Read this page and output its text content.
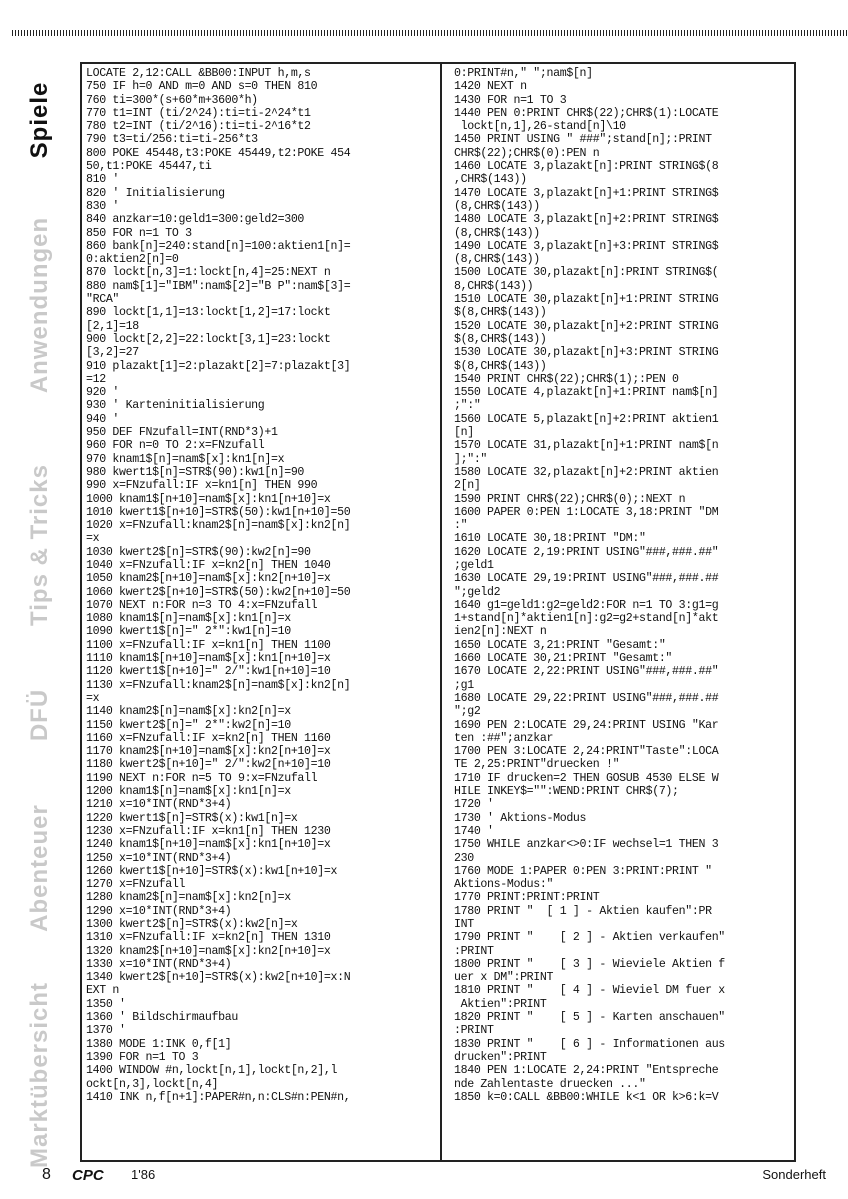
Spiele
Anwendungen
Tips & Tricks
DFÜ
Abenteuer
Marktübersicht
LOCATE 2,12:CALL &BB00:INPUT h,m,s
750 IF h=0 AND m=0 AND s=0 THEN 810
760 ti=300*(s+60*m+3600*h)
770 t1=INT (ti/2^24):ti=ti-2^24*t1
780 t2=INT (ti/2^16):ti=ti-2^16*t2
790 t3=ti/256:ti=ti-256*t3
800 POKE 45448,t3:POKE 45449,t2:POKE 454
50,t1:POKE 45447,ti
810 '
820 ' Initialisierung
830 '
840 anzkar=10:geld1=300:geld2=300
850 FOR n=1 TO 3
860 bank[n]=240:stand[n]=100:aktien1[n]=
0:aktien2[n]=0
870 lockt[n,3]=1:lockt[n,4]=25:NEXT n
880 nam$[1]="IBM":nam$[2]="B P":nam$[3]=
"RCA"
890 lockt[1,1]=13:lockt[1,2]=17:lockt
[2,1]=18
900 lockt[2,2]=22:lockt[3,1]=23:lockt
[3,2]=27
910 plazakt[1]=2:plazakt[2]=7:plazakt[3]
=12
920 '
930 ' Karteninitialisierung
940 '
950 DEF FNzufall=INT(RND*3)+1
960 FOR n=0 TO 2:x=FNzufall
970 knam1$[n]=nam$[x]:kn1[n]=x
980 kwert1$[n]=STR$(90):kw1[n]=90
990 x=FNzufall:IF x=kn1[n] THEN 990
1000 knam1$[n+10]=nam$[x]:kn1[n+10]=x
1010 kwert1$[n+10]=STR$(50):kw1[n+10]=50
1020 x=FNzufall:knam2$[n]=nam$[x]:kn2[n]
=x
1030 kwert2$[n]=STR$(90):kw2[n]=90
1040 x=FNzufall:IF x=kn2[n] THEN 1040
1050 knam2$[n+10]=nam$[x]:kn2[n+10]=x
1060 kwert2$[n+10]=STR$(50):kw2[n+10]=50
1070 NEXT n:FOR n=3 TO 4:x=FNzufall
1080 knam1$[n]=nam$[x]:kn1[n]=x
1090 kwert1$[n]=" 2*":kw1[n]=10
1100 x=FNzufall:IF x=kn1[n] THEN 1100
1110 knam1$[n+10]=nam$[x]:kn1[n+10]=x
1120 kwert1$[n+10]=" 2/":kw1[n+10]=10
1130 x=FNzufall:knam2$[n]=nam$[x]:kn2[n]
=x
1140 knam2$[n]=nam$[x]:kn2[n]=x
1150 kwert2$[n]=" 2*":kw2[n]=10
1160 x=FNzufall:IF x=kn2[n] THEN 1160
1170 knam2$[n+10]=nam$[x]:kn2[n+10]=x
1180 kwert2$[n+10]=" 2/":kw2[n+10]=10
1190 NEXT n:FOR n=5 TO 9:x=FNzufall
1200 knam1$[n]=nam$[x]:kn1[n]=x
1210 x=10*INT(RND*3+4)
1220 kwert1$[n]=STR$(x):kw1[n]=x
1230 x=FNzufall:IF x=kn1[n] THEN 1230
1240 knam1$[n+10]=nam$[x]:kn1[n+10]=x
1250 x=10*INT(RND*3+4)
1260 kwert1$[n+10]=STR$(x):kw1[n+10]=x
1270 x=FNzufall
1280 knam2$[n]=nam$[x]:kn2[n]=x
1290 x=10*INT(RND*3+4)
1300 kwert2$[n]=STR$(x):kw2[n]=x
1310 x=FNzufall:IF x=kn2[n] THEN 1310
1320 knam2$[n+10]=nam$[x]:kn2[n+10]=x
1330 x=10*INT(RND*3+4)
1340 kwert2$[n+10]=STR$(x):kw2[n+10]=x:N
EXT n
1350 '
1360 ' Bildschirmaufbau
1370 '
1380 MODE 1:INK 0,f[1]
1390 FOR n=1 TO 3
1400 WINDOW #n,lockt[n,1],lockt[n,2],l
ockt[n,3],lockt[n,4]
1410 INK n,f[n+1]:PAPER#n,n:CLS#n:PEN#n,
0:PRINT#n," ";nam$[n]
1420 NEXT n
1430 FOR n=1 TO 3
1440 PEN 0:PRINT CHR$(22);CHR$(1):LOCATE
lockt[n,1],26-stand[n]\10
1450 PRINT USING " ###";stand[n];:PRINT
CHR$(22);CHR$(0):PEN n
1460 LOCATE 3,plazakt[n]:PRINT STRING$(8
,CHR$(143))
1470 LOCATE 3,plazakt[n]+1:PRINT STRING$
(8,CHR$(143))
1480 LOCATE 3,plazakt[n]+2:PRINT STRING$
(8,CHR$(143))
1490 LOCATE 3,plazakt[n]+3:PRINT STRING$
(8,CHR$(143))
1500 LOCATE 30,plazakt[n]:PRINT STRING$(
8,CHR$(143))
1510 LOCATE 30,plazakt[n]+1:PRINT STRING
$(8,CHR$(143))
1520 LOCATE 30,plazakt[n]+2:PRINT STRING
$(8,CHR$(143))
1530 LOCATE 30,plazakt[n]+3:PRINT STRING
$(8,CHR$(143))
1540 PRINT CHR$(22);CHR$(1);:PEN 0
1550 LOCATE 4,plazakt[n]+1:PRINT nam$[n]
;":"
1560 LOCATE 5,plazakt[n]+2:PRINT aktien1
[n]
1570 LOCATE 31,plazakt[n]+1:PRINT nam$[n
];":"
1580 LOCATE 32,plazakt[n]+2:PRINT aktien
2[n]
1590 PRINT CHR$(22);CHR$(0);:NEXT n
1600 PAPER 0:PEN 1:LOCATE 3,18:PRINT "DM
:"
1610 LOCATE 30,18:PRINT "DM:"
1620 LOCATE 2,19:PRINT USING"###,###.##"
;geld1
1630 LOCATE 29,19:PRINT USING"###,###.##
";geld2
1640 g1=geld1:g2=geld2:FOR n=1 TO 3:g1=g
1+stand[n]*aktien1[n]:g2=g2+stand[n]*akt
ien2[n]:NEXT n
1650 LOCATE 3,21:PRINT "Gesamt:"
1660 LOCATE 30,21:PRINT "Gesamt:"
1670 LOCATE 2,22:PRINT USING"###,###.##"
;g1
1680 LOCATE 29,22:PRINT USING"###,###.##
";g2
1690 PEN 2:LOCATE 29,24:PRINT USING "Kar
ten :##";anzkar
1700 PEN 3:LOCATE 2,24:PRINT"Taste":LOCA
TE 2,25:PRINT"druecken !"
1710 IF drucken=2 THEN GOSUB 4530 ELSE W
HILE INKEY$="":WEND:PRINT CHR$(7);
1720 '
1730 ' Aktions-Modus
1740 '
1750 WHILE anzkar<>0:IF wechsel=1 THEN 3
230
1760 MODE 1:PAPER 0:PEN 3:PRINT:PRINT "
Aktions-Modus:"
1770 PRINT:PRINT:PRINT
1780 PRINT "  [ 1 ] - Aktien kaufen":PR
INT
1790 PRINT "    [ 2 ] - Aktien verkaufen"
:PRINT
1800 PRINT "    [ 3 ] - Wieviele Aktien f
uer x DM":PRINT
1810 PRINT "    [ 4 ] - Wieviel DM fuer x
Aktien":PRINT
1820 PRINT "    [ 5 ] - Karten anschauen"
:PRINT
1830 PRINT "    [ 6 ] - Informationen aus
drucken":PRINT
1840 PEN 1:LOCATE 2,24:PRINT "Entspreche
nde Zahlentaste druecken ..."
1850 k=0:CALL &BB00:WHILE k<1 OR k>6:k=V
8 CPC 1'86	Sonderheft
